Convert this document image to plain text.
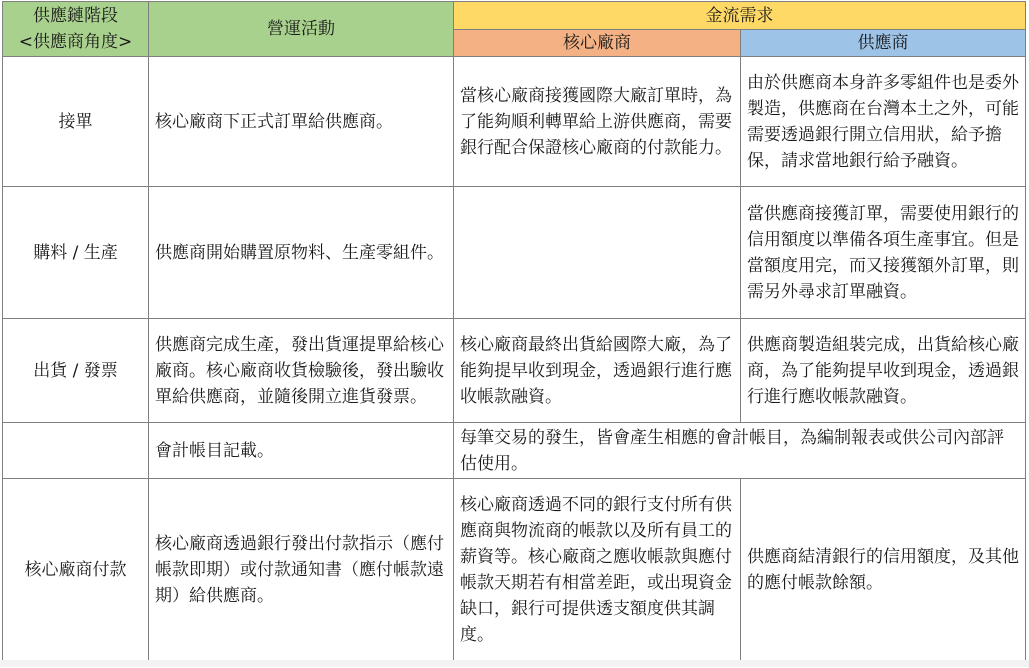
供應鏈階段
<供應商角度>	營運活動	金流需求	
		核心廠商	供應商
接單	核心廠商下正式訂單給供應商。	當核心廠商接獲國際大廠訂單時，為了能夠順利轉單給上游供應商，需要銀行配合保證核心廠商的付款能力。	由於供應商本身許多零組件也是委外製造，供應商在台灣本土之外，可能需要透過銀行開立信用狀，給予擔保，請求當地銀行給予融資。
購料 / 生產	供應商開始購置原物料、生產零組件。		當供應商接獲訂單，需要使用銀行的信用額度以準備各項生產事宜。但是當額度用完，而又接獲額外訂單，則需另外尋求訂單融資。
出貨 / 發票	供應商完成生產，發出貨運提單給核心廠商。核心廠商收貨檢驗後，發出驗收單給供應商，並隨後開立進貨發票。	核心廠商最終出貨給國際大廠，為了能夠提早收到現金，透過銀行進行應收帳款融資。	供應商製造組裝完成，出貨給核心廠商，為了能夠提早收到現金，透過銀行進行應收帳款融資。
	會計帳目記載。	每筆交易的發生，皆會產生相應的會計帳目，為編制報表或供公司內部評估使用。	
核心廠商付款	核心廠商透過銀行發出付款指示（應付帳款即期）或付款通知書（應付帳款遠期）給供應商。	核心廠商透過不同的銀行支付所有供應商與物流商的帳款以及所有員工的薪資等。核心廠商之應收帳款與應付帳款天期若有相當差距，或出現資金缺口，銀行可提供透支額度供其調度。	供應商結清銀行的信用額度，及其他的應付帳款餘額。
